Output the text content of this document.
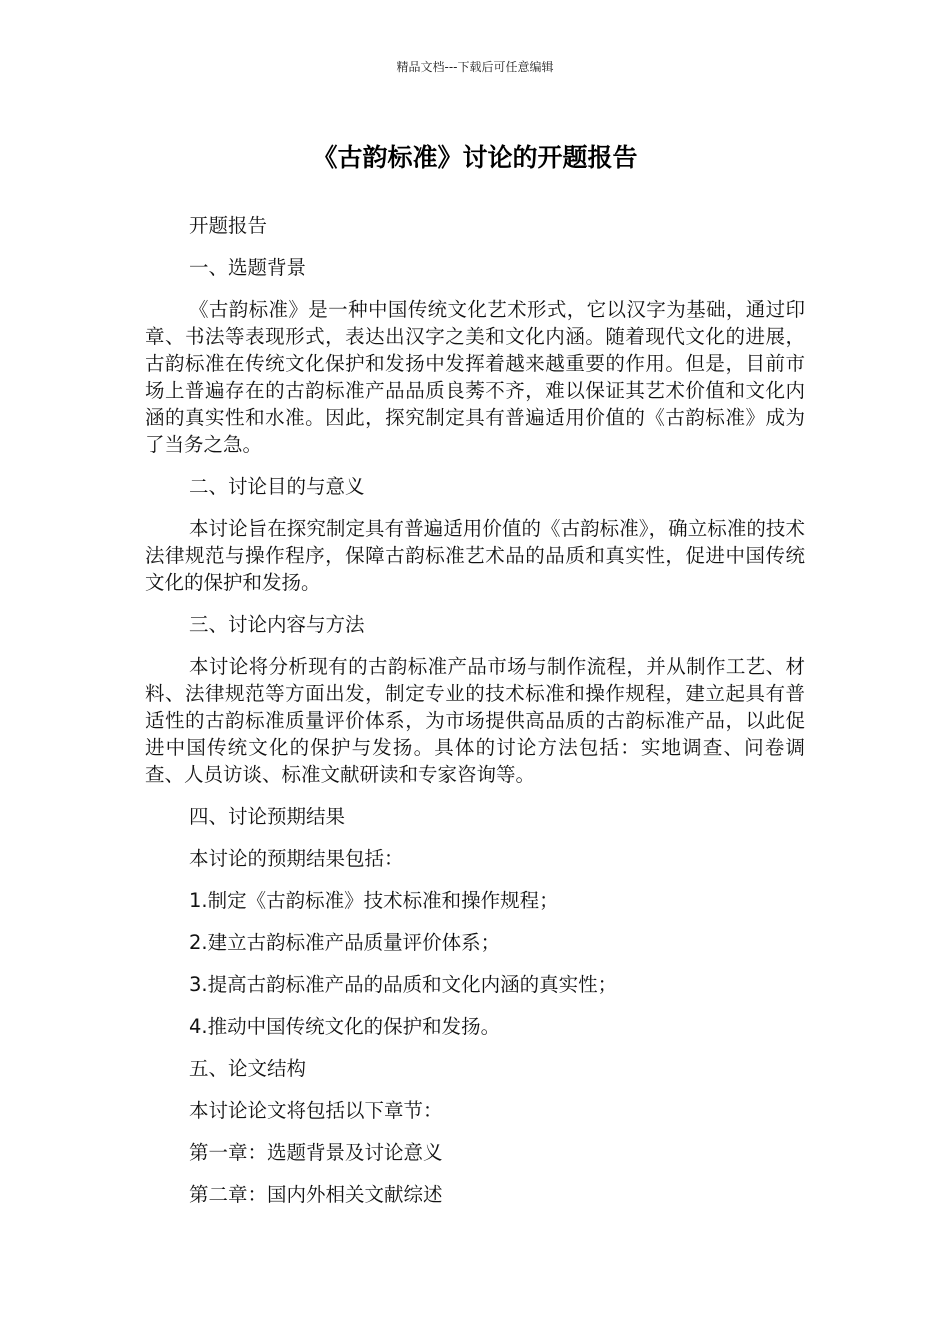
精品文档---下载后可任意编辑
《古韵标准》讨论的开题报告

开题报告

一、选题背景

《古韵标准》是一种中国传统文化艺术形式，它以汉字为基础，通过印章、书法等表现形式，表达出汉字之美和文化内涵。随着现代文化的进展，古韵标准在传统文化保护和发扬中发挥着越来越重要的作用。但是，目前市场上普遍存在的古韵标准产品品质良莠不齐，难以保证其艺术价值和文化内涵的真实性和水准。因此，探究制定具有普遍适用价值的《古韵标准》成为了当务之急。

二、讨论目的与意义

本讨论旨在探究制定具有普遍适用价值的《古韵标准》，确立标准的技术法律规范与操作程序，保障古韵标准艺术品的品质和真实性，促进中国传统文化的保护和发扬。

三、讨论内容与方法

本讨论将分析现有的古韵标准产品市场与制作流程，并从制作工艺、材料、法律规范等方面出发，制定专业的技术标准和操作规程，建立起具有普适性的古韵标准质量评价体系，为市场提供高品质的古韵标准产品，以此促进中国传统文化的保护与发扬。具体的讨论方法包括：实地调查、问卷调查、人员访谈、标准文献研读和专家咨询等。

四、讨论预期结果

本讨论的预期结果包括：

1.制定《古韵标准》技术标准和操作规程；

2.建立古韵标准产品质量评价体系；

3.提高古韵标准产品的品质和文化内涵的真实性；

4.推动中国传统文化的保护和发扬。

五、论文结构

本讨论论文将包括以下章节：

第一章：选题背景及讨论意义

第二章：国内外相关文献综述
